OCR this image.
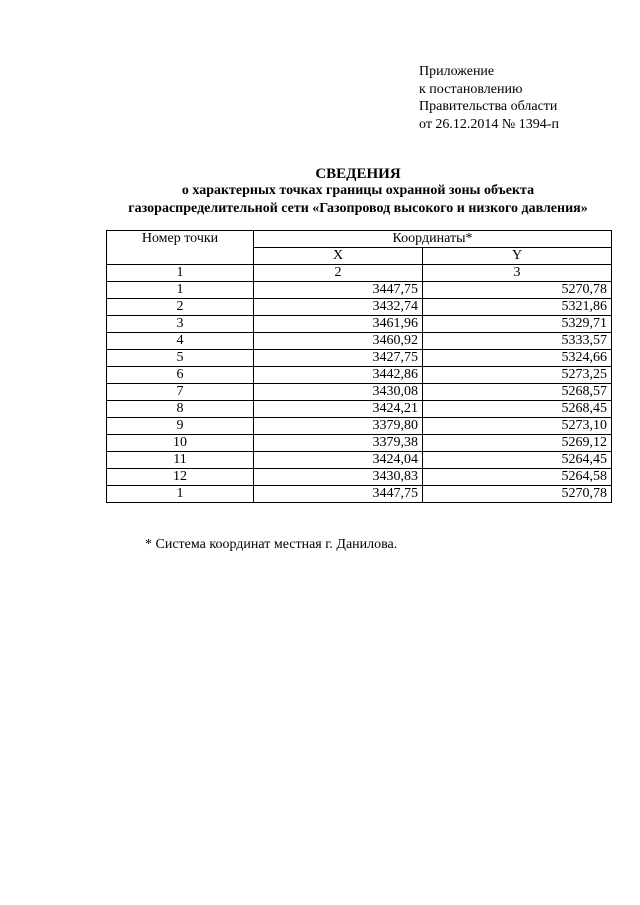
Приложение
к постановлению
Правительства области
от 26.12.2014 № 1394-п
СВЕДЕНИЯ
о характерных точках границы охранной зоны объекта
газораспределительной сети «Газопровод высокого и низкого давления»
Номер точки	Координаты*	
	X	Y
1	2	3
1	3447,75	5270,78
2	3432,74	5321,86
3	3461,96	5329,71
4	3460,92	5333,57
5	3427,75	5324,66
6	3442,86	5273,25
7	3430,08	5268,57
8	3424,21	5268,45
9	3379,80	5273,10
10	3379,38	5269,12
11	3424,04	5264,45
12	3430,83	5264,58
1	3447,75	5270,78
* Система координат местная г. Данилова.
